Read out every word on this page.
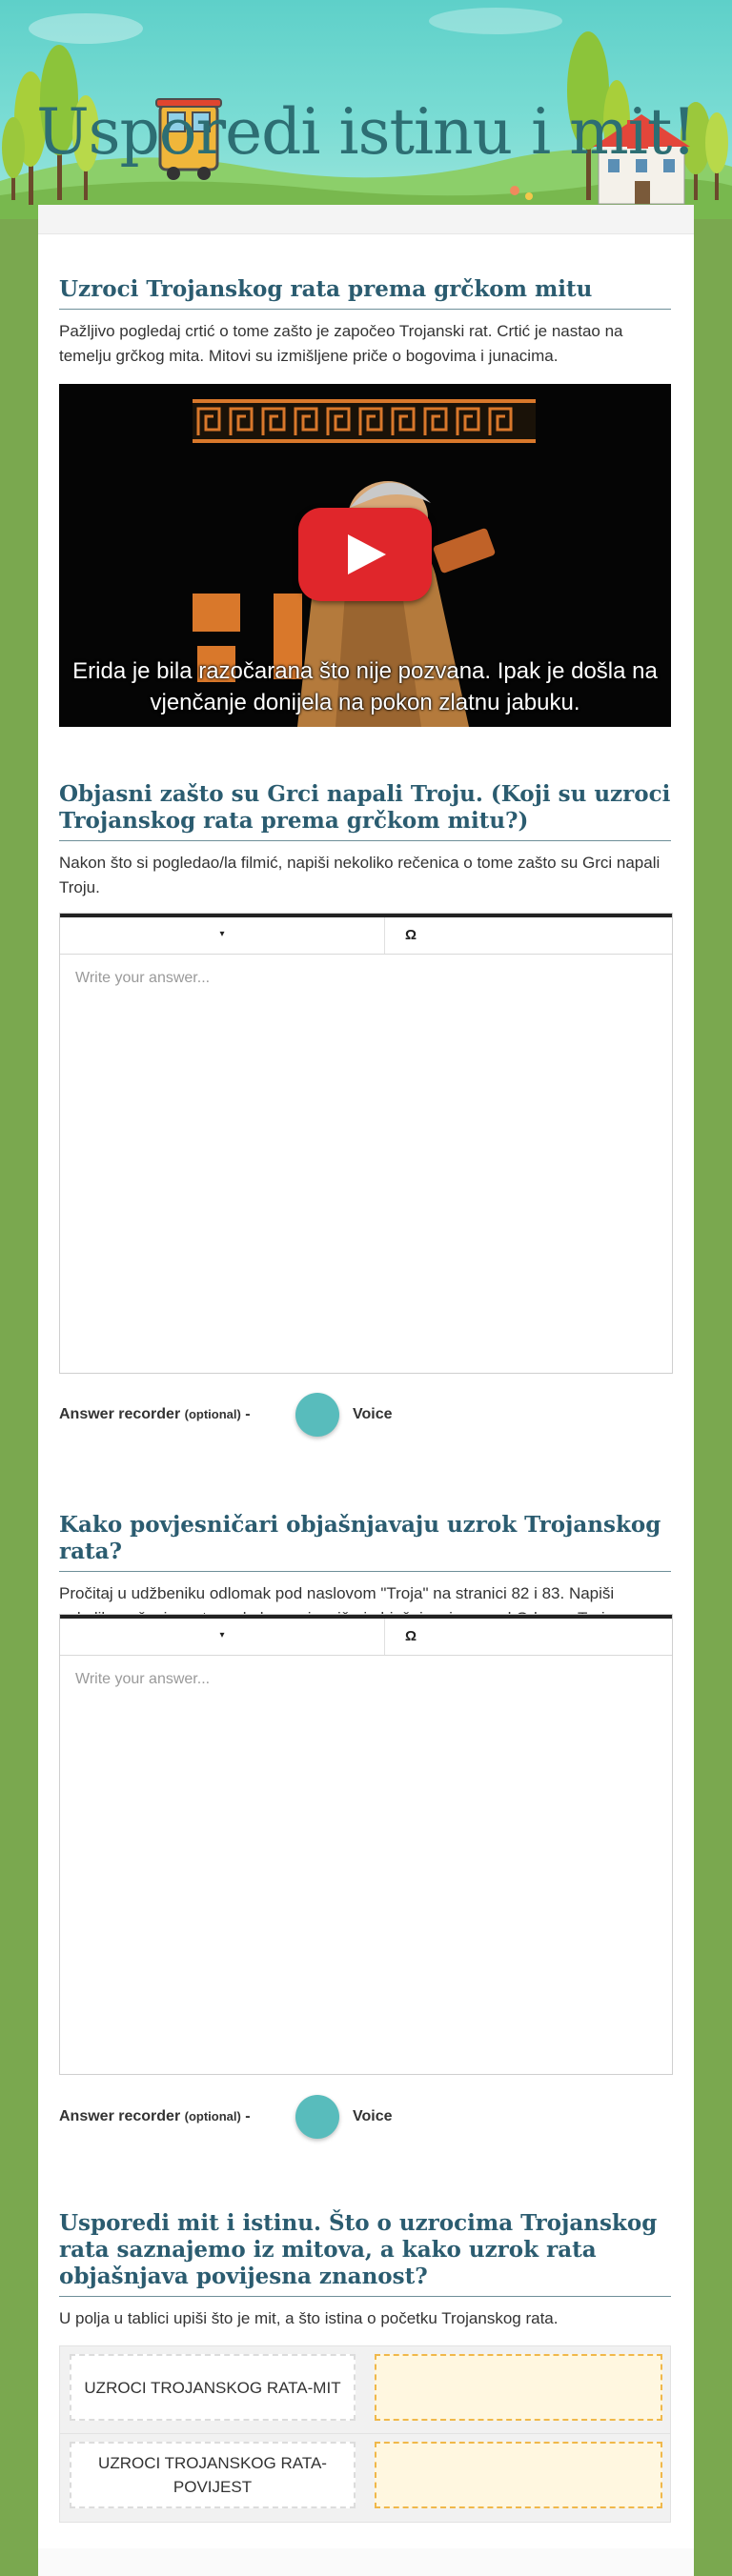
Usporedi istinu i mit!
Uzroci Trojanskog rata prema grčkom mitu

Pažljivo pogledaj crtić o tome zašto je započeo Trojanski rat. Crtić je nastao na temelju grčkog mita. Mitovi su izmišljene priče o bogovima i junacima.

Erida je bila razočarana što nije pozvana. Ipak je došla na
vjenčanje donijela na pokon zlatnu jabuku.
Objasni zašto su Grci napali Troju. (Koji su uzroci Trojanskog rata prema grčkom mitu?)

Nakon što si pogledao/la filmić, napiši nekoliko rečenica o tome zašto su Grci napali Troju.

▾	Ω
Write your answer...
Answer recorder (optional) -	Voice
Kako povjesničari objašnjavaju uzrok Trojanskog rata?

Pročitaj u udžbeniku odlomak pod naslovom "Troja" na stranici 82 i 83. Napiši

▾	Ω
Write your answer...
Answer recorder (optional) -	Voice
Usporedi mit i istinu. Što o uzrocima Trojanskog rata saznajemo iz mitova, a kako uzrok rata objašnjava povijesna znanost?

U polja u tablici upiši što je mit, a što istina o početku Trojanskog rata.

UZROCI TROJANSKOG RATA-MIT
UZROCI TROJANSKOG RATA-POVIJEST
